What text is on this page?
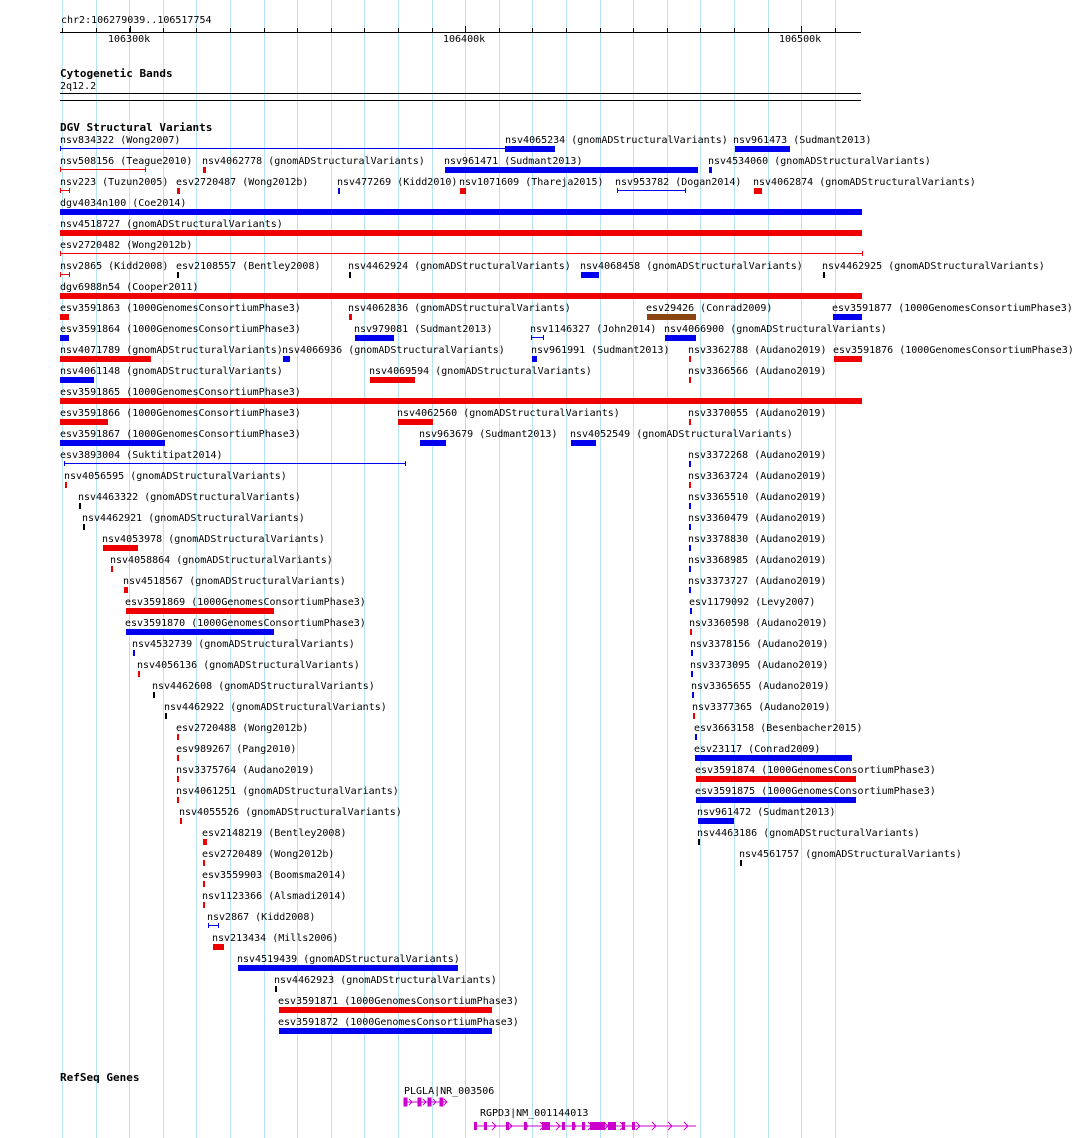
chr2:106279039..106517754
106300k	106400k	106500k
Cytogenetic Bands
2q12.2
DGV Structural Variants
nsv834322 (Wong2007)	nsv4065234 (gnomADStructuralVariants) nsv961473 (Sudmant2013)
nsv508156 (Teague2010) nsv4062778 (gnomADStructuralVariants) nsv961471 (Sudmant2013)	nsv4534060 (gnomADStructuralVariants)
nsv223 (Tuzun2005) esv2720487 (Wong2012b)	nsv477269 (Kidd2010) nsv1071609 (Thareja2015) nsv953782 (Dogan2014) nsv4062874 (gnomADStructuralVariants)
dgv4034n100 (Coe2014)
nsv4518727 (gnomADStructuralVariants)
esv2720482 (Wong2012b)
nsv2865 (Kidd2008) esv2108557 (Bentley2008)	nsv4462924 (gnomADStructuralVariants) nsv4068458 (gnomADStructuralVariants) nsv4462925 (gnomADStructuralVariants)
dgv6988n54 (Cooper2011)
esv3591863 (1000GenomesConsortiumPhase3)	nsv4062836 (gnomADStructuralVariants)	esv29426 (Conrad2009)	esv3591877 (1000GenomesConsortiumPhase3)
esv3591864 (1000GenomesConsortiumPhase3)	nsv979081 (Sudmant2013)	nsv1146327 (John2014) nsv4066900 (gnomADStructuralVariants)
nsv4071789 (gnomADStructuralVariants) nsv4066936 (gnomADStructuralVariants)	nsv961991 (Sudmant2013) nsv3362788 (Audano2019) esv3591876 (1000GenomesConsortiumPhase3)
nsv4061148 (gnomADStructuralVariants)	nsv4069594 (gnomADStructuralVariants)	nsv3366566 (Audano2019)
esv3591865 (1000GenomesConsortiumPhase3)
esv3591866 (1000GenomesConsortiumPhase3)	nsv4062560 (gnomADStructuralVariants)	nsv3370055 (Audano2019)
esv3591867 (1000GenomesConsortiumPhase3)	nsv963679 (Sudmant2013) nsv4052549 (gnomADStructuralVariants)
esv3893004 (Suktitipat2014)	nsv3372268 (Audano2019)
nsv4056595 (gnomADStructuralVariants)	nsv3363724 (Audano2019)
nsv4463322 (gnomADStructuralVariants)	nsv3365510 (Audano2019)
nsv4462921 (gnomADStructuralVariants)	nsv3360479 (Audano2019)
nsv4053978 (gnomADStructuralVariants)	nsv3378830 (Audano2019)
nsv4058864 (gnomADStructuralVariants)	nsv3368985 (Audano2019)
nsv4518567 (gnomADStructuralVariants)	nsv3373727 (Audano2019)
esv3591869 (1000GenomesConsortiumPhase3)	esv1179092 (Levy2007)
esv3591870 (1000GenomesConsortiumPhase3)	nsv3360598 (Audano2019)
nsv4532739 (gnomADStructuralVariants)	nsv3378156 (Audano2019)
nsv4056136 (gnomADStructuralVariants)	nsv3373095 (Audano2019)
nsv4462608 (gnomADStructuralVariants)	nsv3365655 (Audano2019)
nsv4462922 (gnomADStructuralVariants)	nsv3377365 (Audano2019)
esv2720488 (Wong2012b)	esv3663158 (Besenbacher2015)
esv989267 (Pang2010)	esv23117 (Conrad2009)
nsv3375764 (Audano2019)	esv3591874 (1000GenomesConsortiumPhase3)
nsv4061251 (gnomADStructuralVariants)	esv3591875 (1000GenomesConsortiumPhase3)
nsv4055526 (gnomADStructuralVariants)	nsv961472 (Sudmant2013)
esv2148219 (Bentley2008)	nsv4463186 (gnomADStructuralVariants)
esv2720489 (Wong2012b)	nsv4561757 (gnomADStructuralVariants)
esv3559903 (Boomsma2014)
nsv1123366 (Alsmadi2014)
nsv2867 (Kidd2008)
nsv213434 (Mills2006)
nsv4519439 (gnomADStructuralVariants)
nsv4462923 (gnomADStructuralVariants)
esv3591871 (1000GenomesConsortiumPhase3)
esv3591872 (1000GenomesConsortiumPhase3)
RefSeq Genes
PLGLA|NR_003506
RGPD3|NM_001144013
